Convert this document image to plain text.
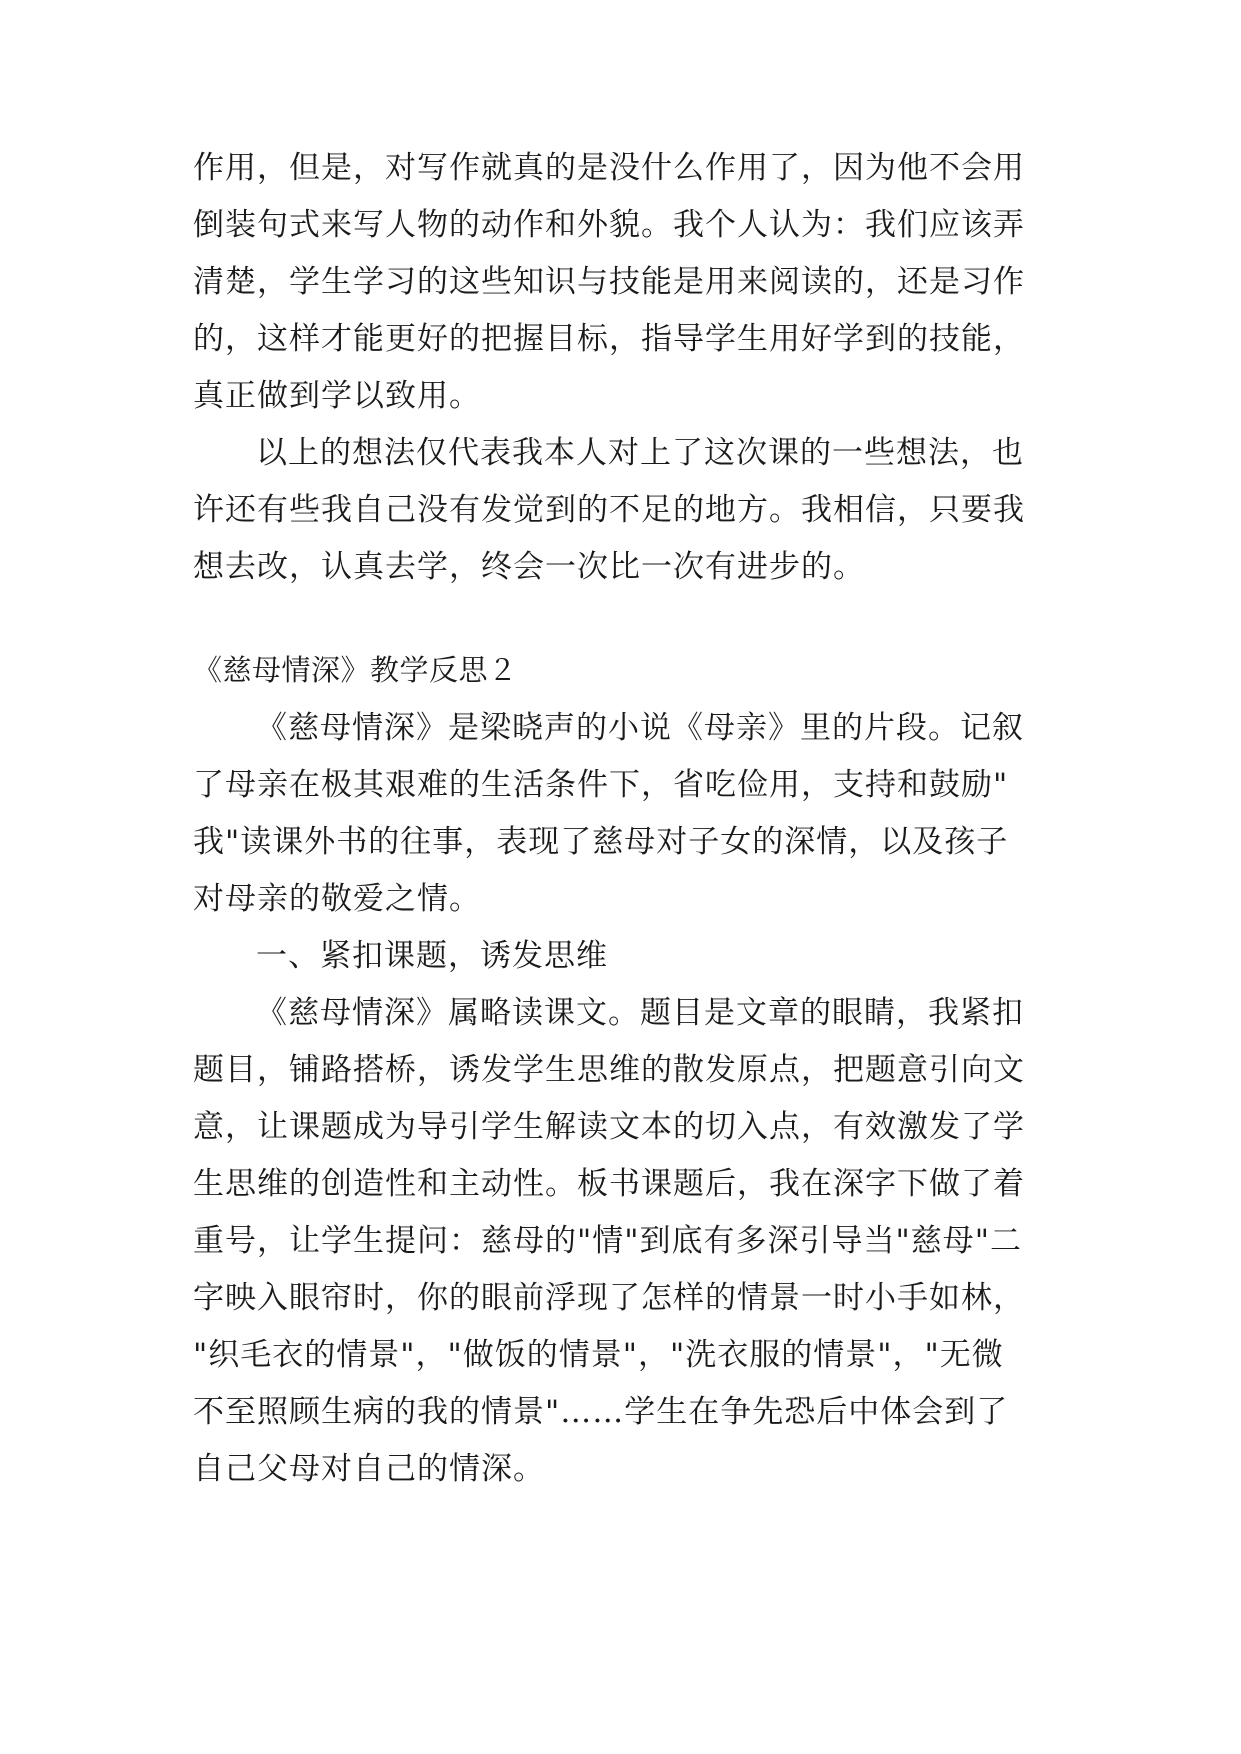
作用，但是，对写作就真的是没什么作用了，因为他不会用
倒装句式来写人物的动作和外貌。我个人认为：我们应该弄
清楚，学生学习的这些知识与技能是用来阅读的，还是习作
的，这样才能更好的把握目标，指导学生用好学到的技能，
真正做到学以致用。
以上的想法仅代表我本人对上了这次课的一些想法，也
许还有些我自己没有发觉到的不足的地方。我相信，只要我
想去改，认真去学，终会一次比一次有进步的。
《慈母情深》教学反思２
《慈母情深》是梁晓声的小说《母亲》里的片段。记叙
了母亲在极其艰难的生活条件下，省吃俭用，支持和鼓励"
我"读课外书的往事，表现了慈母对子女的深情，以及孩子
对母亲的敬爱之情。
一、紧扣课题，诱发思维
《慈母情深》属略读课文。题目是文章的眼睛，我紧扣
题目，铺路搭桥，诱发学生思维的散发原点，把题意引向文
意，让课题成为导引学生解读文本的切入点，有效激发了学
生思维的创造性和主动性。板书课题后，我在深字下做了着
重号，让学生提问：慈母的"情"到底有多深引导当"慈母"二
字映入眼帘时，你的眼前浮现了怎样的情景一时小手如林，
"织毛衣的情景"，"做饭的情景"，"洗衣服的情景"，"无微
不至照顾生病的我的情景"……学生在争先恐后中体会到了
自己父母对自己的情深。
